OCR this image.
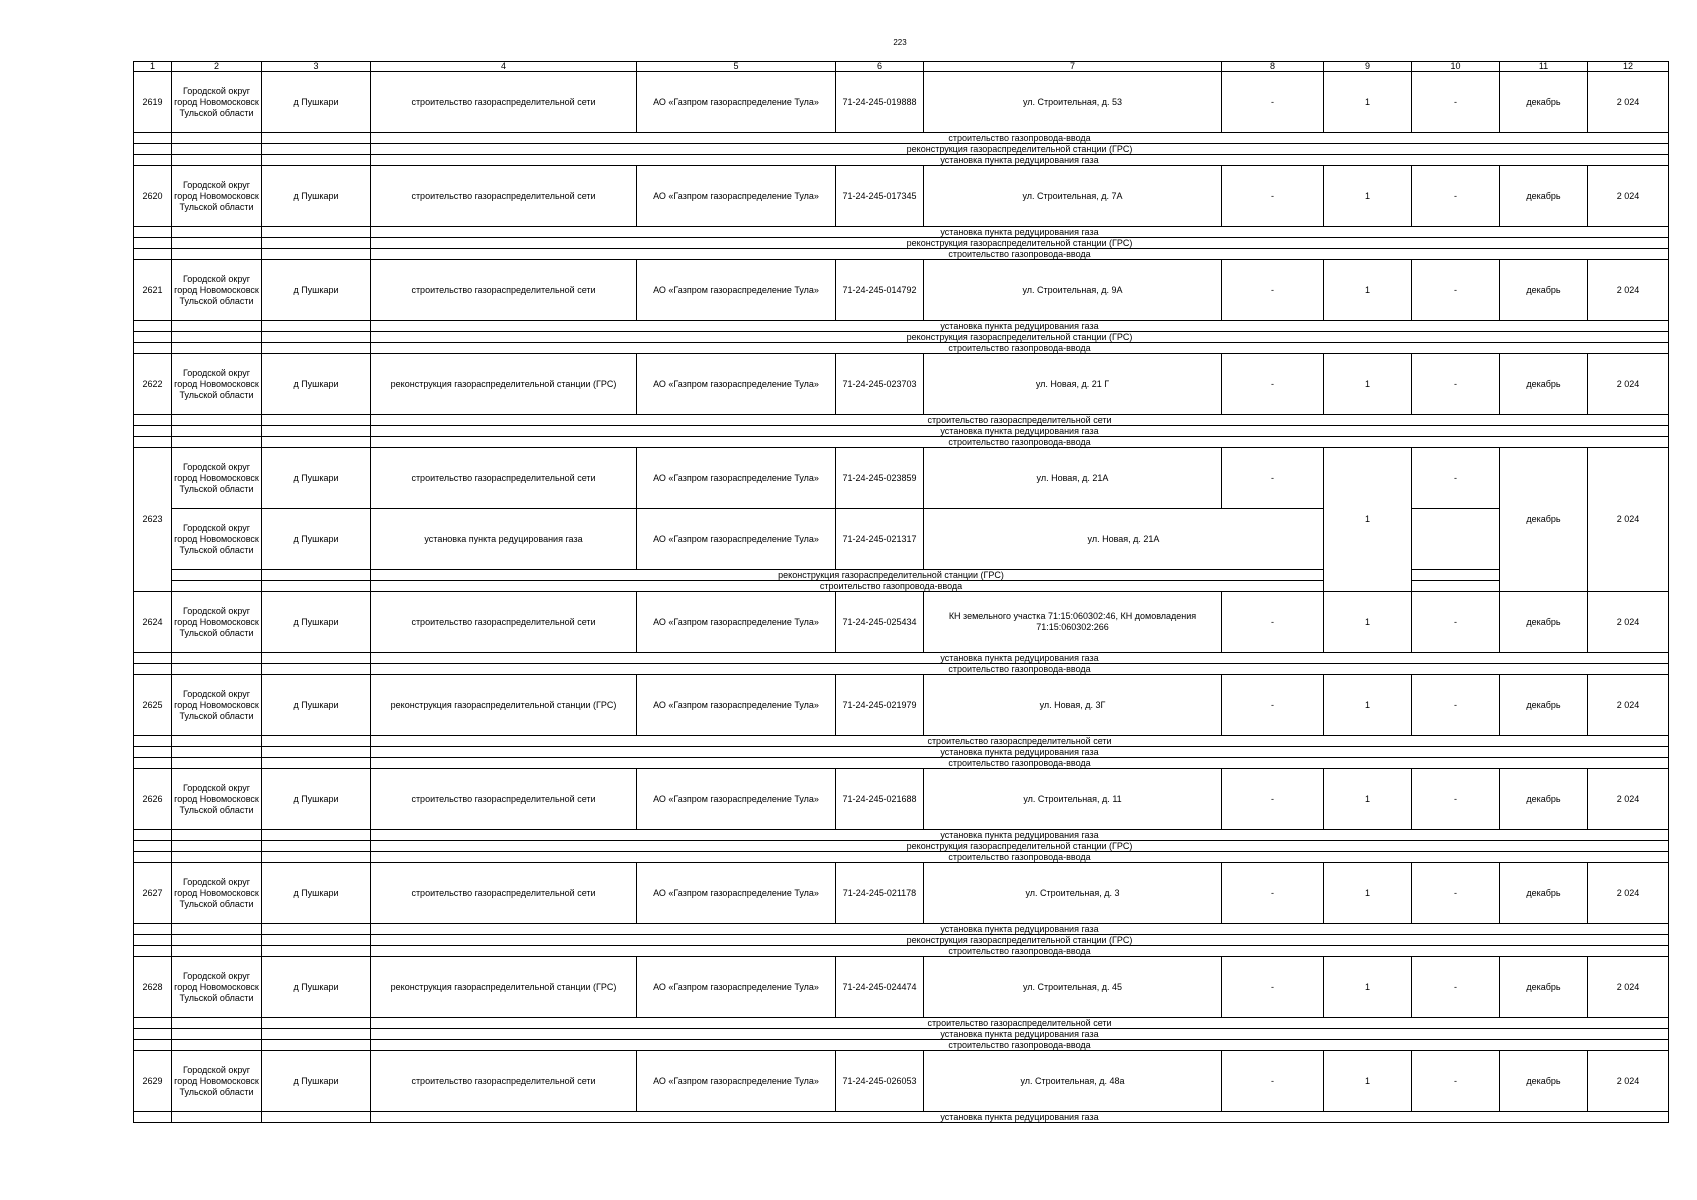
223
1	2	3	4	5	6	7	8	9	10	11	12
2619	Городской округ город Новомосковск Тульской области	д Пушкари	строительство газораспределительной сети	АО «Газпром газораспределение Тула»	71-24-245-019888	ул. Строительная, д. 53	-	1	-	декабрь	2 024
			строительство газопровода-ввода								
			реконструкция газораспределительной станции (ГРС)								
			установка пункта редуцирования газа								
2620	Городской округ город Новомосковск Тульской области	д Пушкари	строительство газораспределительной сети	АО «Газпром газораспределение Тула»	71-24-245-017345	ул. Строительная, д. 7А	-	1	-	декабрь	2 024
			установка пункта редуцирования газа								
			реконструкция газораспределительной станции (ГРС)								
			строительство газопровода-ввода								
2621	Городской округ город Новомосковск Тульской области	д Пушкари	строительство газораспределительной сети	АО «Газпром газораспределение Тула»	71-24-245-014792	ул. Строительная, д. 9А	-	1	-	декабрь	2 024
			установка пункта редуцирования газа								
			реконструкция газораспределительной станции (ГРС)								
			строительство газопровода-ввода								
2622	Городской округ город Новомосковск Тульской области	д Пушкари	реконструкция газораспределительной станции (ГРС)	АО «Газпром газораспределение Тула»	71-24-245-023703	ул. Новая, д. 21 Г	-	1	-	декабрь	2 024
			строительство газораспределительной сети								
			установка пункта редуцирования газа								
			строительство газопровода-ввода								
2623	Городской округ город Новомосковск Тульской области	д Пушкари	строительство газораспределительной сети	АО «Газпром газораспределение Тула»	71-24-245-023859	ул. Новая, д. 21А	-	1	-	декабрь	2 024
	Городской округ город Новомосковск Тульской области	д Пушкари	установка пункта редуцирования газа	АО «Газпром газораспределение Тула»	71-24-245-021317	ул. Новая, д. 21А					
			реконструкция газораспределительной станции (ГРС)								
			строительство газопровода-ввода								
2624	Городской округ город Новомосковск Тульской области	д Пушкари	строительство газораспределительной сети	АО «Газпром газораспределение Тула»	71-24-245-025434	КН земельного участка 71:15:060302:46, КН домовладения 71:15:060302:266	-	1	-	декабрь	2 024
			установка пункта редуцирования газа								
			строительство газопровода-ввода								
2625	Городской округ город Новомосковск Тульской области	д Пушкари	реконструкция газораспределительной станции (ГРС)	АО «Газпром газораспределение Тула»	71-24-245-021979	ул. Новая, д. 3Г	-	1	-	декабрь	2 024
			строительство газораспределительной сети								
			установка пункта редуцирования газа								
			строительство газопровода-ввода								
2626	Городской округ город Новомосковск Тульской области	д Пушкари	строительство газораспределительной сети	АО «Газпром газораспределение Тула»	71-24-245-021688	ул. Строительная, д. 11	-	1	-	декабрь	2 024
			установка пункта редуцирования газа								
			реконструкция газораспределительной станции (ГРС)								
			строительство газопровода-ввода								
2627	Городской округ город Новомосковск Тульской области	д Пушкари	строительство газораспределительной сети	АО «Газпром газораспределение Тула»	71-24-245-021178	ул. Строительная, д. 3	-	1	-	декабрь	2 024
			установка пункта редуцирования газа								
			реконструкция газораспределительной станции (ГРС)								
			строительство газопровода-ввода								
2628	Городской округ город Новомосковск Тульской области	д Пушкари	реконструкция газораспределительной станции (ГРС)	АО «Газпром газораспределение Тула»	71-24-245-024474	ул. Строительная, д. 45	-	1	-	декабрь	2 024
			строительство газораспределительной сети								
			установка пункта редуцирования газа								
			строительство газопровода-ввода								
2629	Городской округ город Новомосковск Тульской области	д Пушкари	строительство газораспределительной сети	АО «Газпром газораспределение Тула»	71-24-245-026053	ул. Строительная, д. 48а	-	1	-	декабрь	2 024
			установка пункта редуцирования газа								
